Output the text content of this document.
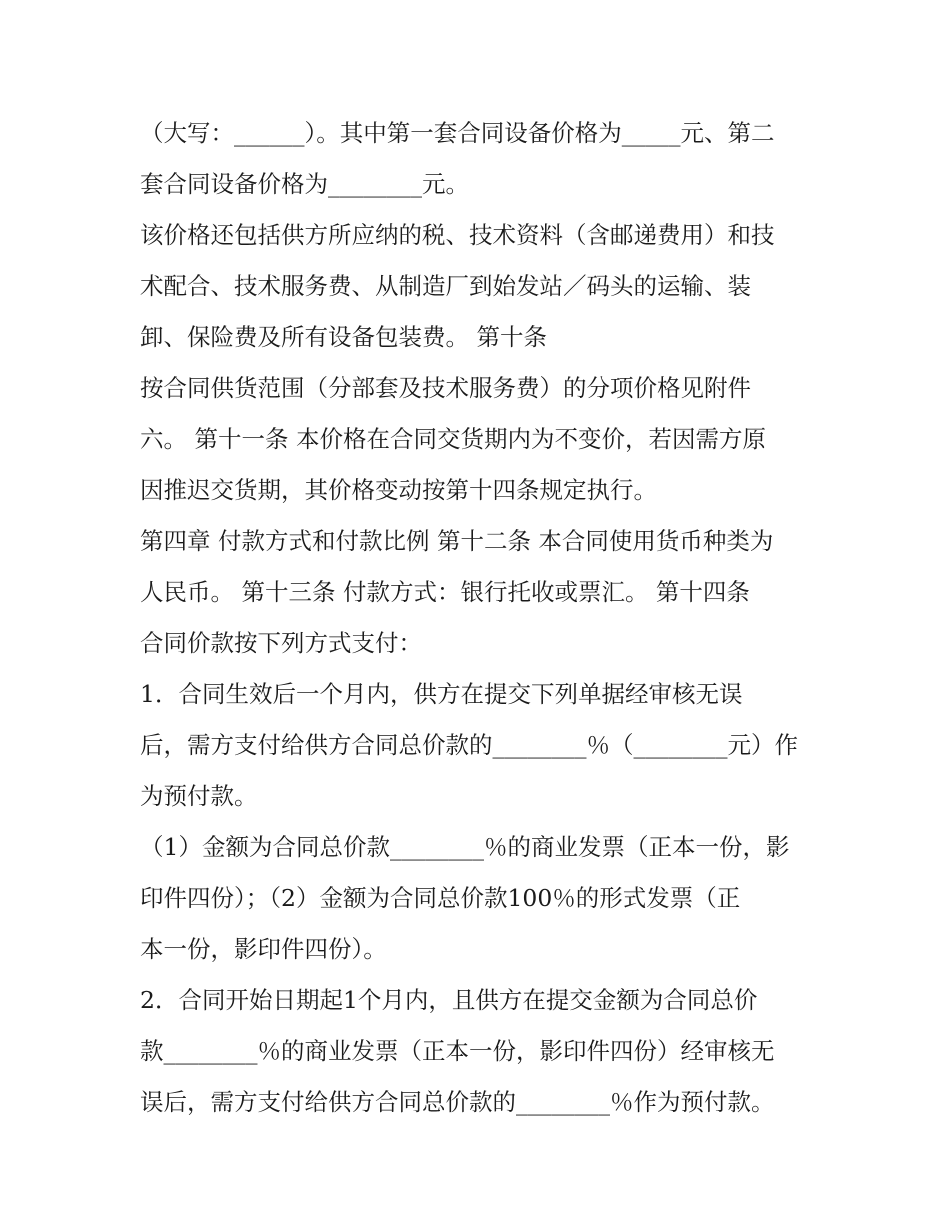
（大写：______）。其中第一套合同设备价格为_____元、第二
套合同设备价格为________元。
该价格还包括供方所应纳的税、技术资料（含邮递费用）和技
术配合、技术服务费、从制造厂到始发站／码头的运输、装
卸、保险费及所有设备包装费。 第十条
按合同供货范围（分部套及技术服务费）的分项价格见附件
六。 第十一条 本价格在合同交货期内为不变价，若因需方原
因推迟交货期，其价格变动按第十四条规定执行。
第四章 付款方式和付款比例 第十二条 本合同使用货币种类为
人民币。 第十三条 付款方式：银行托收或票汇。 第十四条
合同价款按下列方式支付：
1．合同生效后一个月内，供方在提交下列单据经审核无误
后，需方支付给供方合同总价款的________％（________元）作
为预付款。
（1）金额为合同总价款________％的商业发票（正本一份，影
印件四份）；（2）金额为合同总价款100％的形式发票（正
本一份，影印件四份）。
2．合同开始日期起1个月内，且供方在提交金额为合同总价
款________％的商业发票（正本一份，影印件四份）经审核无
误后，需方支付给供方合同总价款的________％作为预付款。
